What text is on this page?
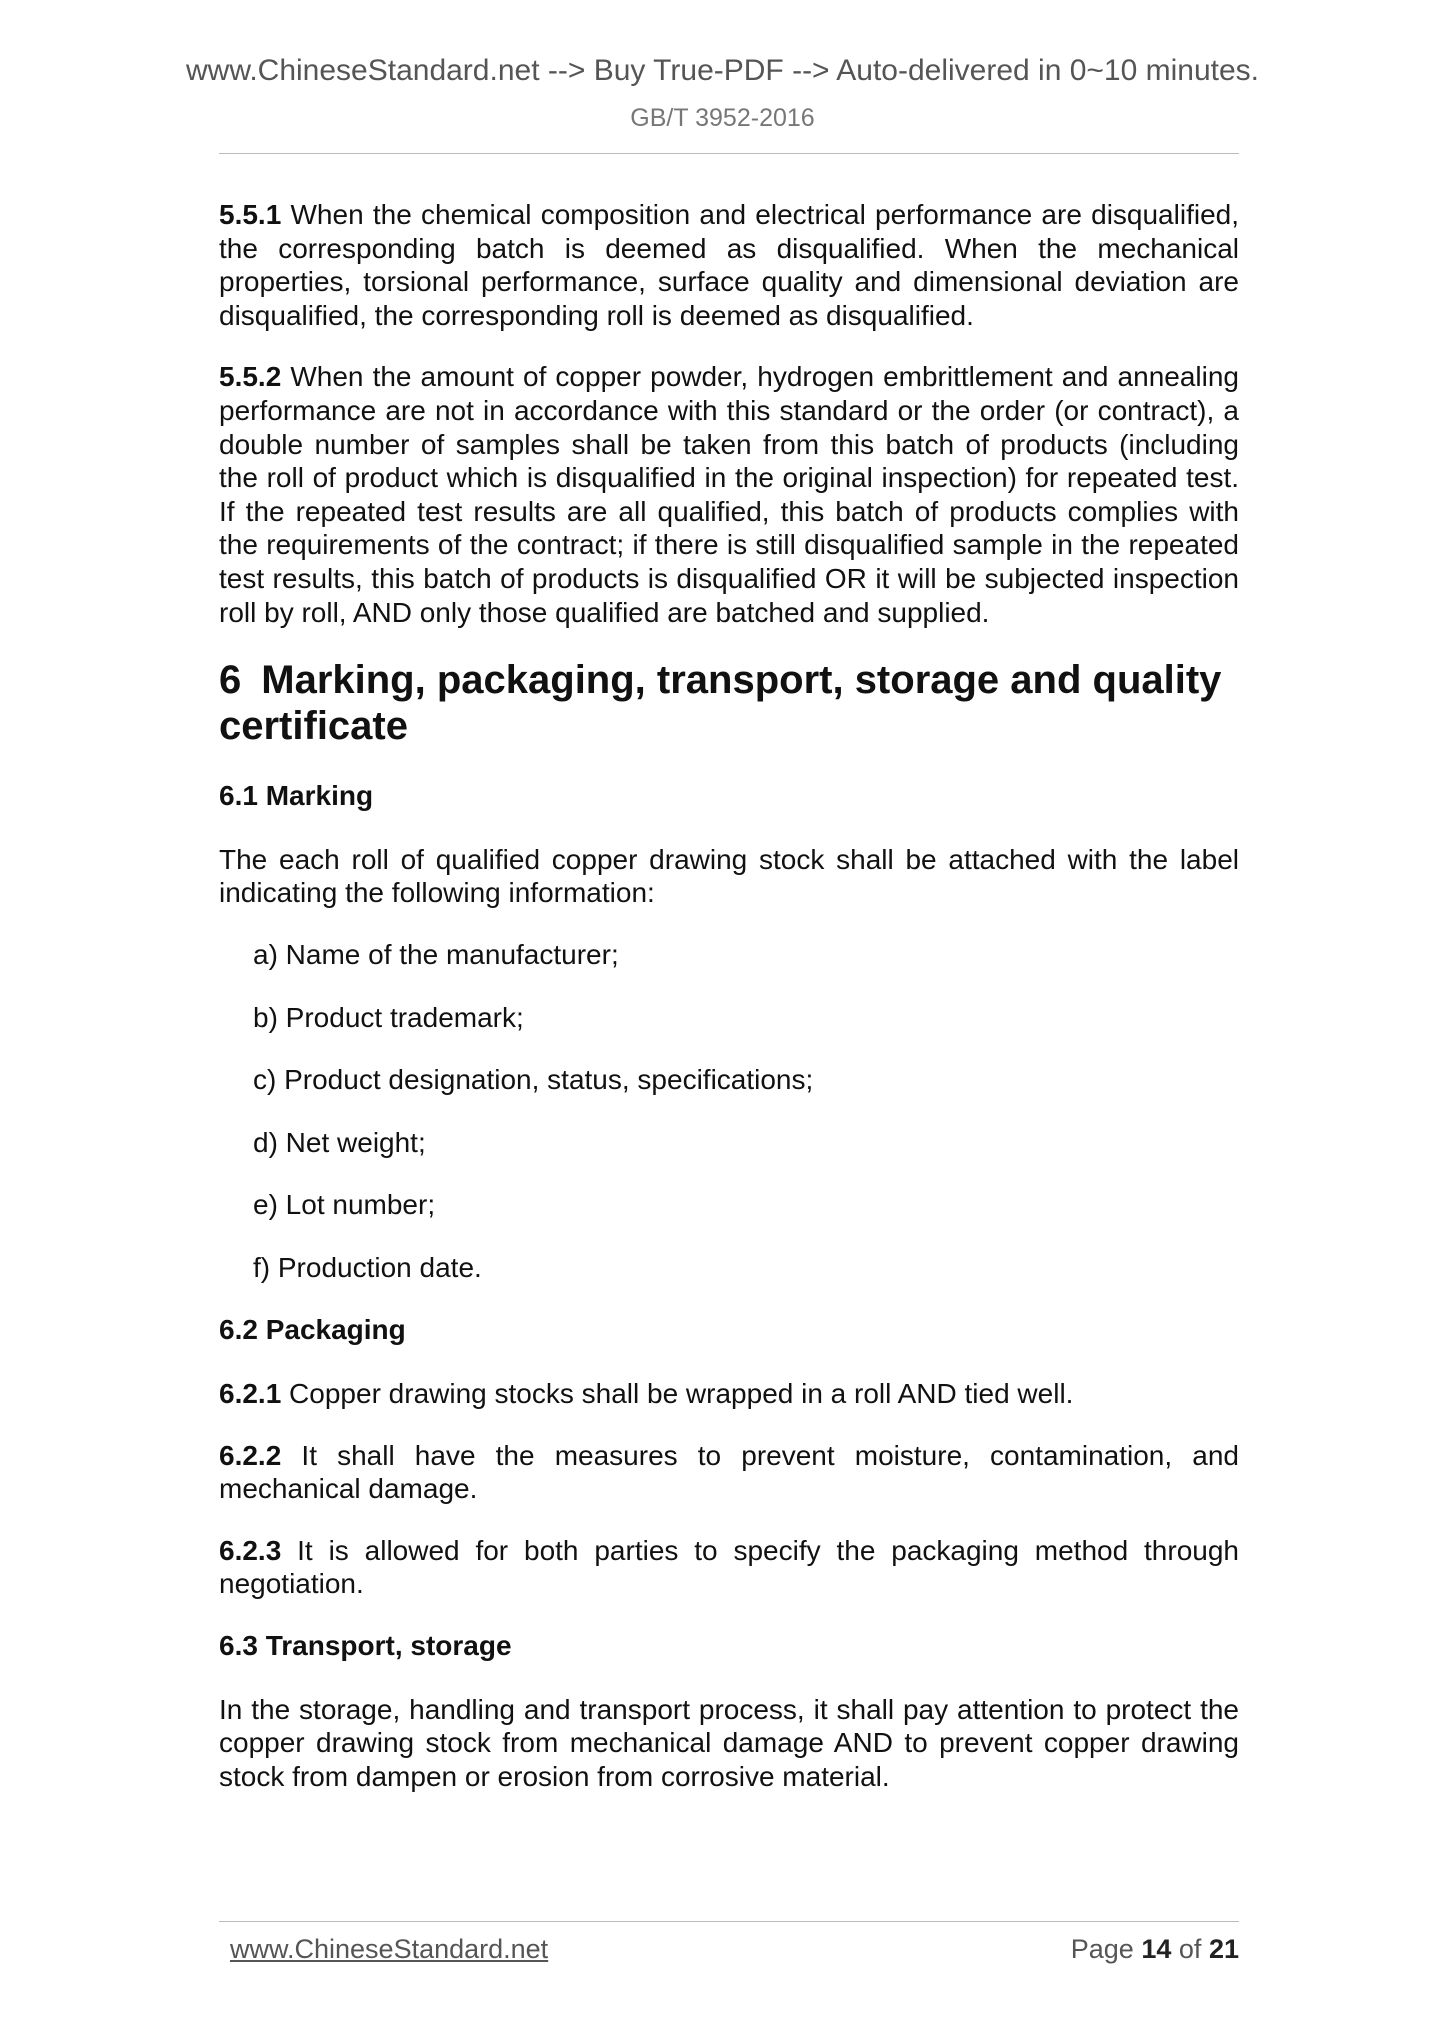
www.ChineseStandard.net --> Buy True-PDF --> Auto-delivered in 0~10 minutes.
GB/T 3952-2016

5.5.1 When the chemical composition and electrical performance are disqualified, the corresponding batch is deemed as disqualified. When the mechanical properties, torsional performance, surface quality and dimensional deviation are disqualified, the corresponding roll is deemed as disqualified.

5.5.2 When the amount of copper powder, hydrogen embrittlement and annealing performance are not in accordance with this standard or the order (or contract), a double number of samples shall be taken from this batch of products (including the roll of product which is disqualified in the original inspection) for repeated test. If the repeated test results are all qualified, this batch of products complies with the requirements of the contract; if there is still disqualified sample in the repeated test results, this batch of products is disqualified OR it will be subjected inspection roll by roll, AND only those qualified are batched and supplied.

6 Marking, packaging, transport, storage and quality certificate
6.1 Marking

The each roll of qualified copper drawing stock shall be attached with the label indicating the following information:

a) Name of the manufacturer;
b) Product trademark;
c) Product designation, status, specifications;
d) Net weight;
e) Lot number;
f) Production date.
6.2 Packaging

6.2.1 Copper drawing stocks shall be wrapped in a roll AND tied well.

6.2.2 It shall have the measures to prevent moisture, contamination, and mechanical damage.

6.2.3 It is allowed for both parties to specify the packaging method through negotiation.

6.3 Transport, storage

In the storage, handling and transport process, it shall pay attention to protect the copper drawing stock from mechanical damage AND to prevent copper drawing stock from dampen or erosion from corrosive material.

www.ChineseStandard.net	Page 14 of 21
